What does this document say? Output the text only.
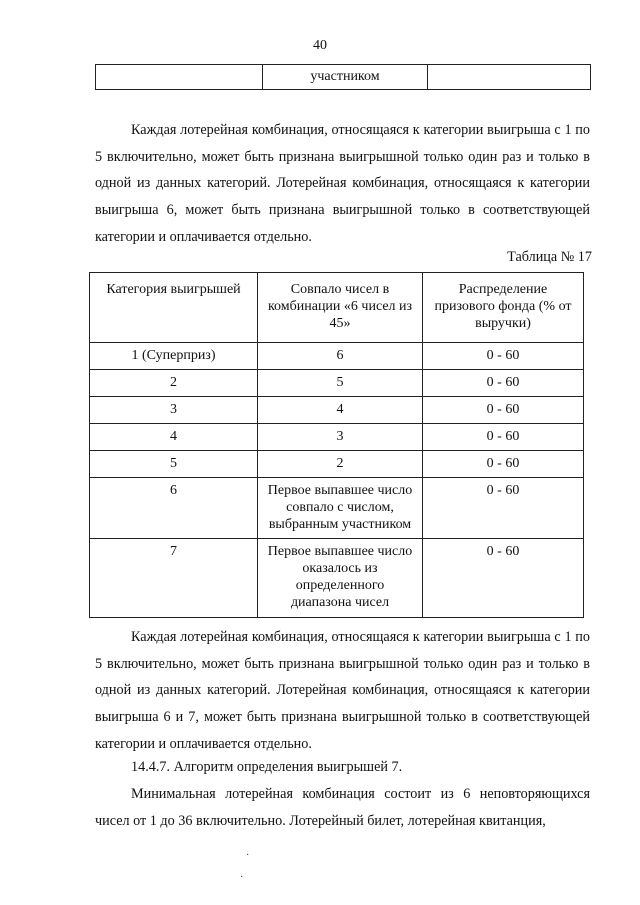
40
	участником	

Каждая лотерейная комбинация, относящаяся к категории выигрыша с 1 по 5 включительно, может быть признана выигрышной только один раз и только в одной из данных категорий. Лотерейная комбинация, относящаяся к категории выигрыша 6, может быть признана выигрышной только в соответствующей категории и оплачивается отдельно.

Таблица № 17
Категория выигрышей	Совпало чисел в комбинации «6 чисел из 45»	Распределение призового фонда (% от выручки)
1 (Суперприз)	6	0 - 60
2	5	0 - 60
3	4	0 - 60
4	3	0 - 60
5	2	0 - 60
6	Первое выпавшее число совпало с числом, выбранным участником	0 - 60
7	Первое выпавшее число оказалось из определенного диапазона чисел	0 - 60

Каждая лотерейная комбинация, относящаяся к категории выигрыша с 1 по 5 включительно, может быть признана выигрышной только один раз и только в одной из данных категорий. Лотерейная комбинация, относящаяся к категории выигрыша 6 и 7, может быть признана выигрышной только в соответствующей категории и оплачивается отдельно.

14.4.7. Алгоритм определения выигрышей 7.

Минимальная лотерейная комбинация состоит из 6 неповторяющихся чисел от 1 до 36 включительно. Лотерейный билет, лотерейная квитанция,

·
·
